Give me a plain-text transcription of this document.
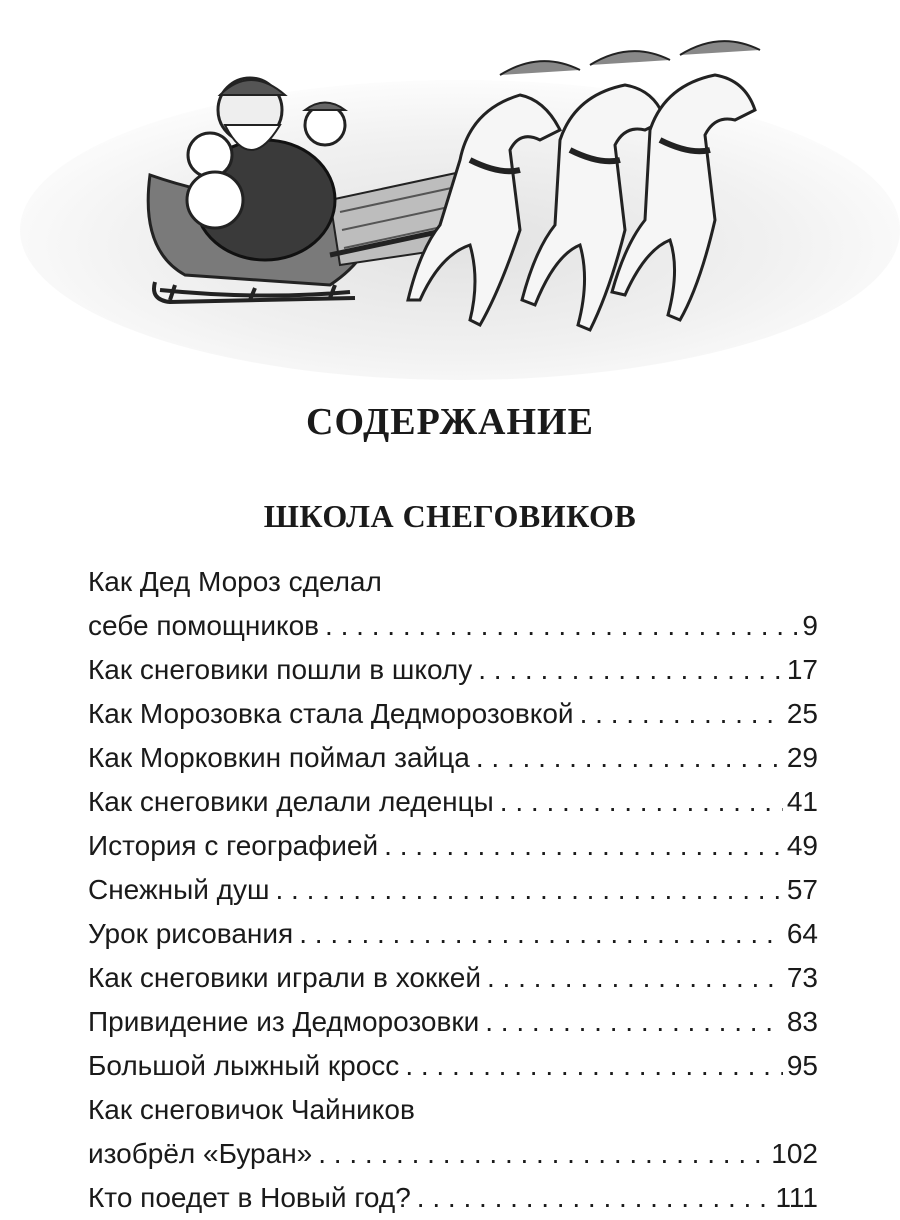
СОДЕРЖАНИЕ
ШКОЛА СНЕГОВИКОВ
Как Дед Мороз сделал
себе помощников . . .	9
Как снеговики пошли в школу . . .	17
Как Морозовка стала Дедморозовкой . . .	25
Как Морковкин поймал зайца . . .	29
Как снеговики делали леденцы . . .	41
История с географией . . .	49
Снежный душ . . .	57
Урок рисования . . .	64
Как снеговики играли в хоккей . . .	73
Привидение из Дедморозовки . . .	83
Большой лыжный кросс . . .	95
Как снеговичок Чайников
изобрёл «Буран» . . .	102
Кто поедет в Новый год? . . .	111
